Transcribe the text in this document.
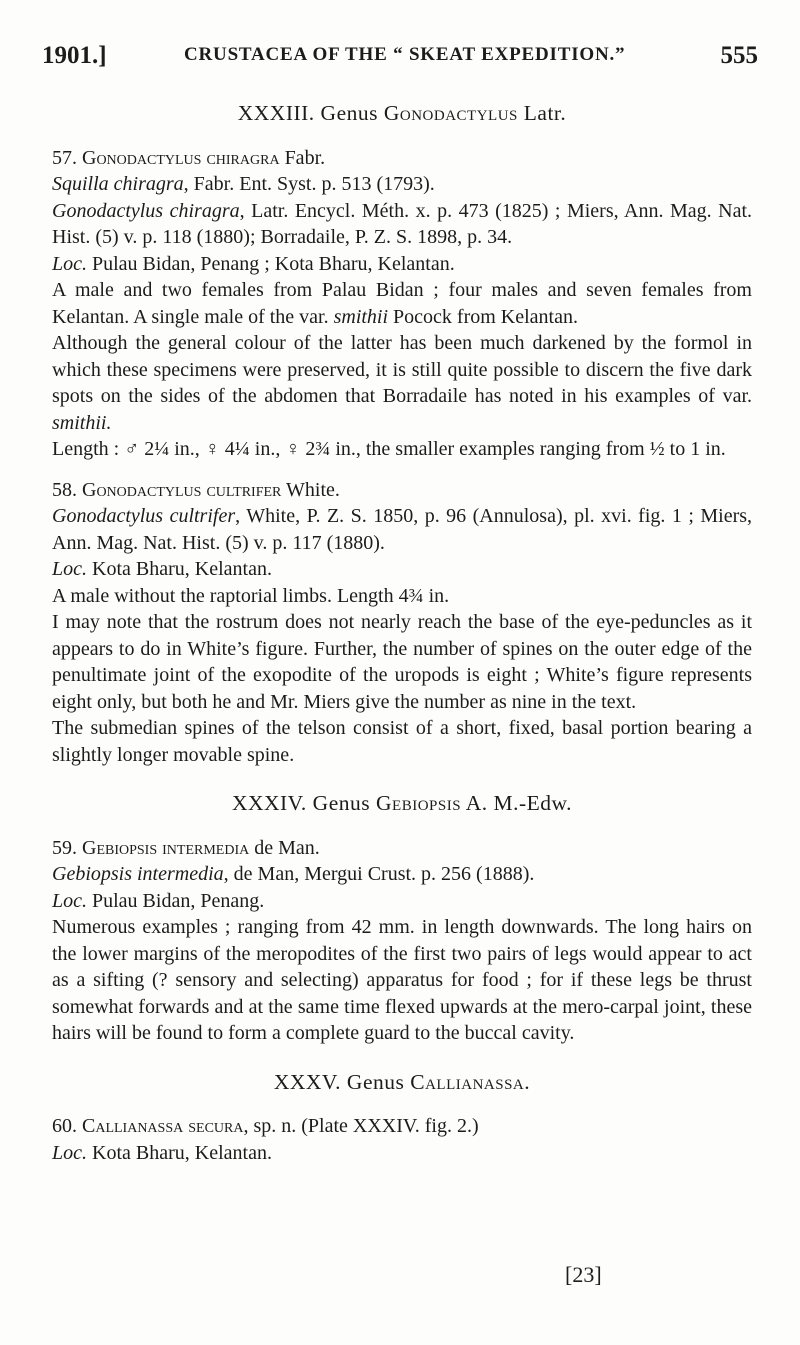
1901.]	CRUSTACEA OF THE “ SKEAT EXPEDITION.”	555
XXXIII. Genus Gonodactylus Latr.

57. Gonodactylus chiragra Fabr.

Squilla chiragra, Fabr. Ent. Syst. p. 513 (1793).

Gonodactylus chiragra, Latr. Encycl. Méth. x. p. 473 (1825) ; Miers, Ann. Mag. Nat. Hist. (5) v. p. 118 (1880); Borradaile, P. Z. S. 1898, p. 34.

Loc. Pulau Bidan, Penang ; Kota Bharu, Kelantan.

A male and two females from Palau Bidan ; four males and seven females from Kelantan. A single male of the var. smithii Pocock from Kelantan.

Although the general colour of the latter has been much darkened by the formol in which these specimens were preserved, it is still quite possible to discern the five dark spots on the sides of the abdomen that Borradaile has noted in his examples of var. smithii.

Length : ♂ 2¼ in., ♀ 4¼ in., ♀ 2¾ in., the smaller examples ranging from ½ to 1 in.

58. Gonodactylus cultrifer White.

Gonodactylus cultrifer, White, P. Z. S. 1850, p. 96 (Annulosa), pl. xvi. fig. 1 ; Miers, Ann. Mag. Nat. Hist. (5) v. p. 117 (1880).

Loc. Kota Bharu, Kelantan.

A male without the raptorial limbs. Length 4¾ in.

I may note that the rostrum does not nearly reach the base of the eye-peduncles as it appears to do in White’s figure. Further, the number of spines on the outer edge of the penultimate joint of the exopodite of the uropods is eight ; White’s figure represents eight only, but both he and Mr. Miers give the number as nine in the text.

The submedian spines of the telson consist of a short, fixed, basal portion bearing a slightly longer movable spine.

XXXIV. Genus Gebiopsis A. M.-Edw.

59. Gebiopsis intermedia de Man.

Gebiopsis intermedia, de Man, Mergui Crust. p. 256 (1888).

Loc. Pulau Bidan, Penang.

Numerous examples ; ranging from 42 mm. in length downwards. The long hairs on the lower margins of the meropodites of the first two pairs of legs would appear to act as a sifting (? sensory and selecting) apparatus for food ; for if these legs be thrust somewhat forwards and at the same time flexed upwards at the mero-carpal joint, these hairs will be found to form a complete guard to the buccal cavity.

XXXV. Genus Callianassa.

60. Callianassa secura, sp. n. (Plate XXXIV. fig. 2.)

Loc. Kota Bharu, Kelantan.

[23]
